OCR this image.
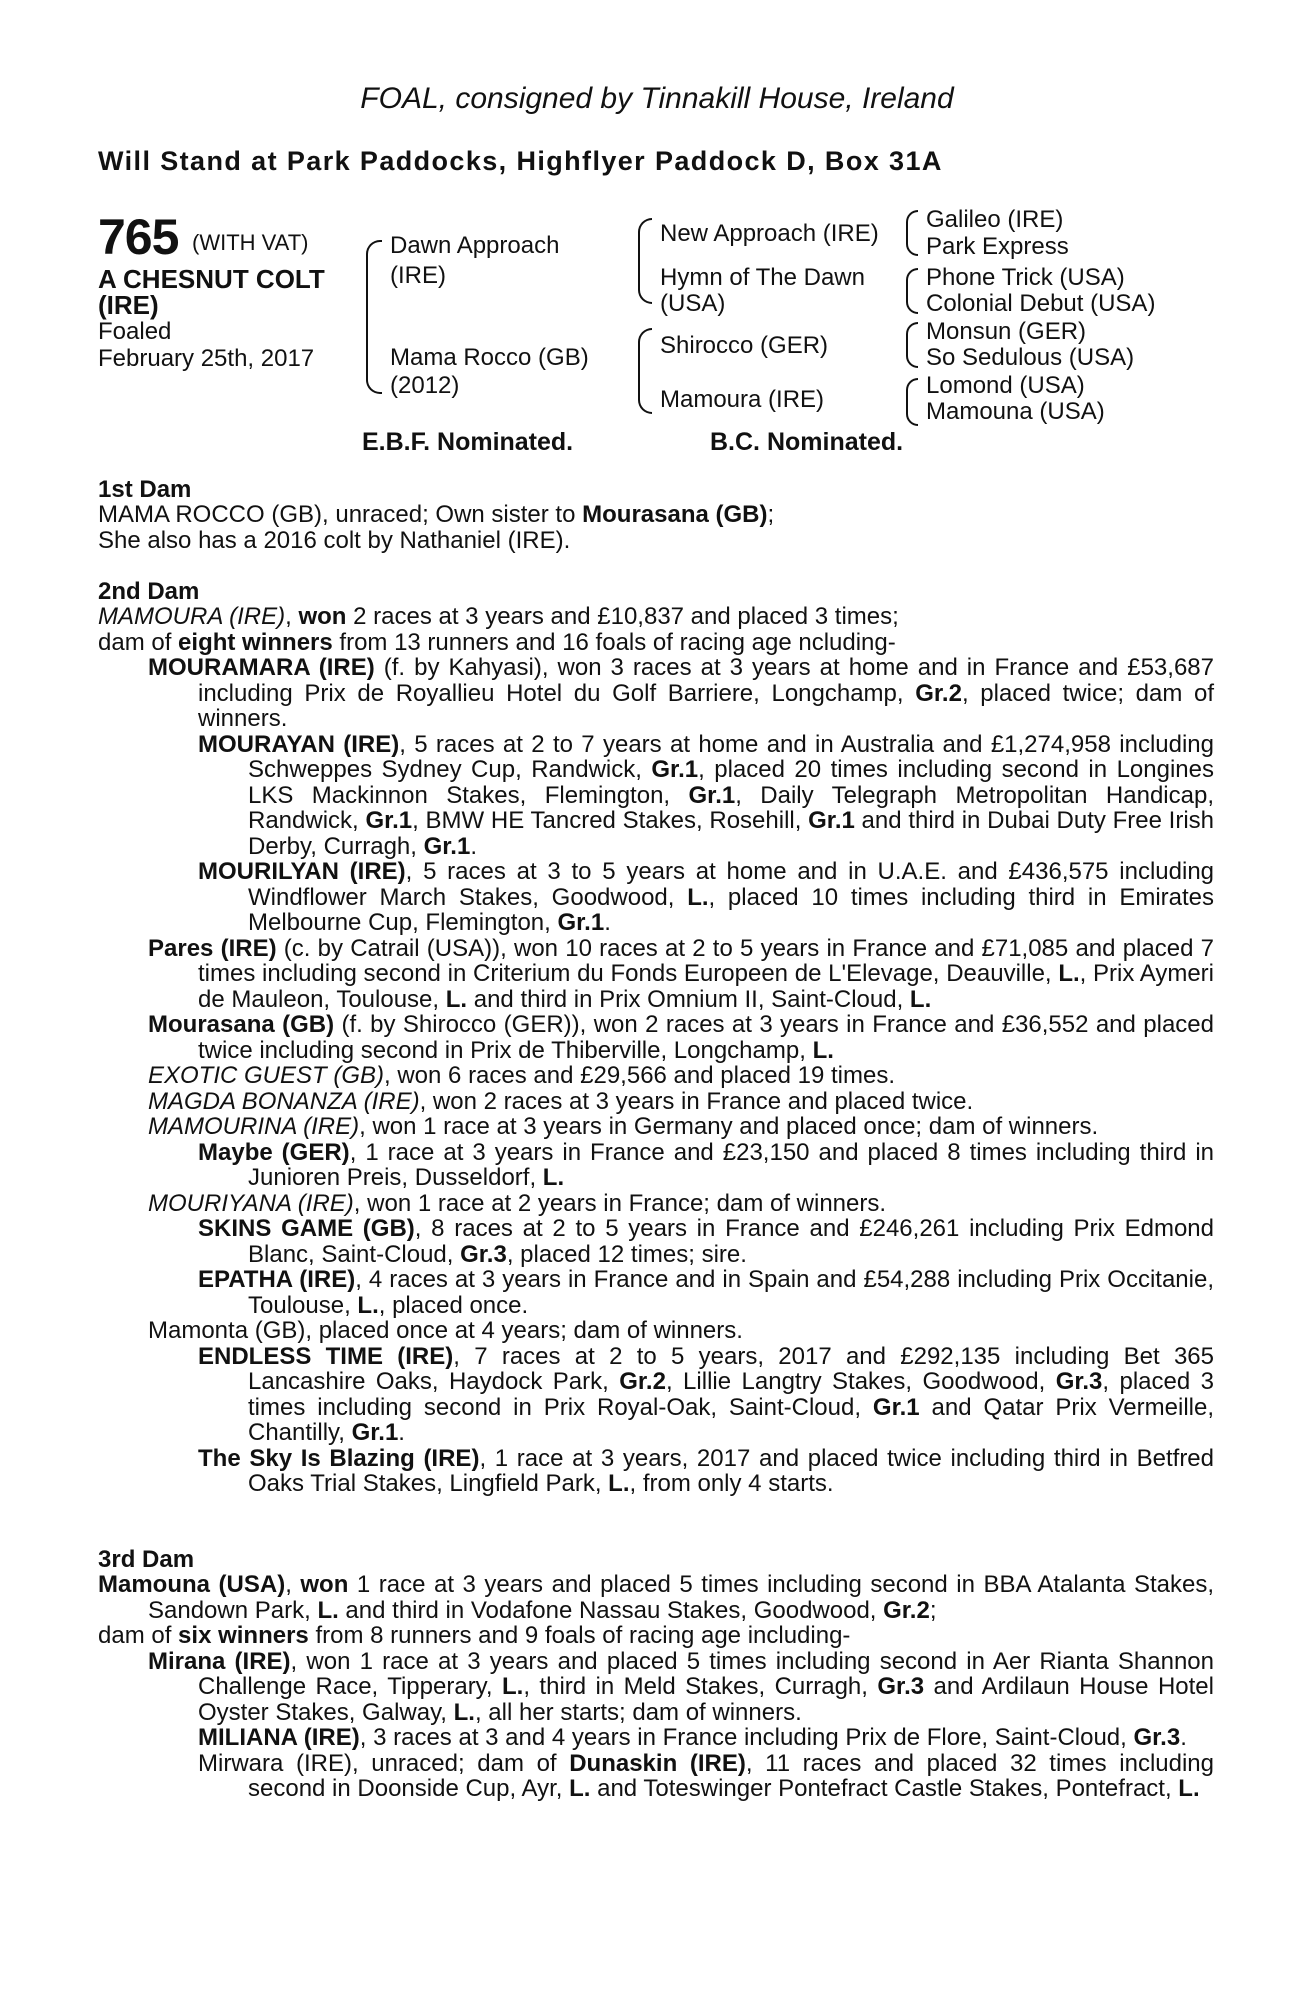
FOAL, consigned by Tinnakill House, Ireland
Will Stand at Park Paddocks, Highflyer Paddock D, Box 31A
765 (WITH VAT)
A CHESNUT COLT
(IRE)
Foaled
February 25th, 2017
Dawn Approach
(IRE)
Mama Rocco (GB)
(2012)
New Approach (IRE)
Hymn of The Dawn
(USA)
Shirocco (GER)
Mamoura (IRE)
Galileo (IRE)
Park Express
Phone Trick (USA)
Colonial Debut (USA)
Monsun (GER)
So Sedulous (USA)
Lomond (USA)
Mamouna (USA)
E.B.F. Nominated.	B.C. Nominated.
1st Dam

MAMA ROCCO (GB), unraced; Own sister to Mourasana (GB);

She also has a 2016 colt by Nathaniel (IRE).

2nd Dam

MAMOURA (IRE), won 2 races at 3 years and £10,837 and placed 3 times;

dam of eight winners from 13 runners and 16 foals of racing age ncluding-

MOURAMARA (IRE) (f. by Kahyasi), won 3 races at 3 years at home and in France and £53,687 including Prix de Royallieu Hotel du Golf Barriere, Longchamp, Gr.2, placed twice; dam of winners.

MOURAYAN (IRE), 5 races at 2 to 7 years at home and in Australia and £1,274,958 including Schweppes Sydney Cup, Randwick, Gr.1, placed 20 times including second in Longines LKS Mackinnon Stakes, Flemington, Gr.1, Daily Telegraph Metropolitan Handicap, Randwick, Gr.1, BMW HE Tancred Stakes, Rosehill, Gr.1 and third in Dubai Duty Free Irish Derby, Curragh, Gr.1.

MOURILYAN (IRE), 5 races at 3 to 5 years at home and in U.A.E. and £436,575 including Windflower March Stakes, Goodwood, L., placed 10 times including third in Emirates Melbourne Cup, Flemington, Gr.1.

Pares (IRE) (c. by Catrail (USA)), won 10 races at 2 to 5 years in France and £71,085 and placed 7 times including second in Criterium du Fonds Europeen de L'Elevage, Deauville, L., Prix Aymeri de Mauleon, Toulouse, L. and third in Prix Omnium II, Saint-Cloud, L.

Mourasana (GB) (f. by Shirocco (GER)), won 2 races at 3 years in France and £36,552 and placed twice including second in Prix de Thiberville, Longchamp, L.

EXOTIC GUEST (GB), won 6 races and £29,566 and placed 19 times.

MAGDA BONANZA (IRE), won 2 races at 3 years in France and placed twice.

MAMOURINA (IRE), won 1 race at 3 years in Germany and placed once; dam of winners.

Maybe (GER), 1 race at 3 years in France and £23,150 and placed 8 times including third in Junioren Preis, Dusseldorf, L.

MOURIYANA (IRE), won 1 race at 2 years in France; dam of winners.

SKINS GAME (GB), 8 races at 2 to 5 years in France and £246,261 including Prix Edmond Blanc, Saint-Cloud, Gr.3, placed 12 times; sire.

EPATHA (IRE), 4 races at 3 years in France and in Spain and £54,288 including Prix Occitanie, Toulouse, L., placed once.

Mamonta (GB), placed once at 4 years; dam of winners.

ENDLESS TIME (IRE), 7 races at 2 to 5 years, 2017 and £292,135 including Bet 365 Lancashire Oaks, Haydock Park, Gr.2, Lillie Langtry Stakes, Goodwood, Gr.3, placed 3 times including second in Prix Royal-Oak, Saint-Cloud, Gr.1 and Qatar Prix Vermeille, Chantilly, Gr.1.

The Sky Is Blazing (IRE), 1 race at 3 years, 2017 and placed twice including third in Betfred Oaks Trial Stakes, Lingfield Park, L., from only 4 starts.

3rd Dam

Mamouna (USA), won 1 race at 3 years and placed 5 times including second in BBA Atalanta Stakes, Sandown Park, L. and third in Vodafone Nassau Stakes, Goodwood, Gr.2;

dam of six winners from 8 runners and 9 foals of racing age including-

Mirana (IRE), won 1 race at 3 years and placed 5 times including second in Aer Rianta Shannon Challenge Race, Tipperary, L., third in Meld Stakes, Curragh, Gr.3 and Ardilaun House Hotel Oyster Stakes, Galway, L., all her starts; dam of winners.

MILIANA (IRE), 3 races at 3 and 4 years in France including Prix de Flore, Saint-Cloud, Gr.3.

Mirwara (IRE), unraced; dam of Dunaskin (IRE), 11 races and placed 32 times including second in Doonside Cup, Ayr, L. and Toteswinger Pontefract Castle Stakes, Pontefract, L.
